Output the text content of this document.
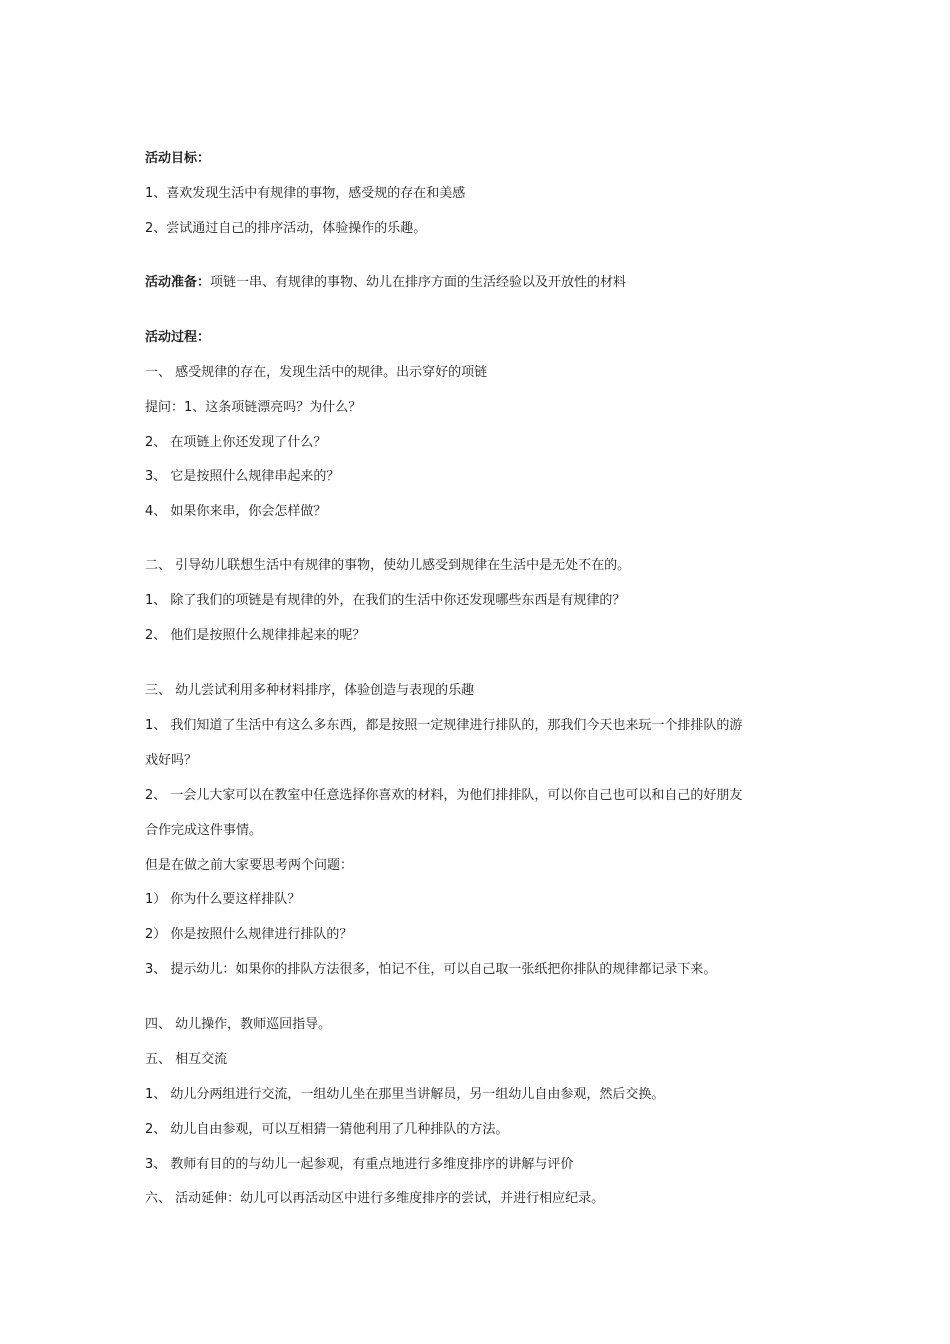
活动目标：
1、喜欢发现生活中有规律的事物，感受规的存在和美感
2、尝试通过自己的排序活动，体验操作的乐趣。
活动准备：项链一串、有规律的事物、幼儿在排序方面的生活经验以及开放性的材料
活动过程：
一、 感受规律的存在，发现生活中的规律。出示穿好的项链
提问：1、这条项链漂亮吗？为什么？
2、 在项链上你还发现了什么？
3、 它是按照什么规律串起来的？
4、 如果你来串，你会怎样做？
二、 引导幼儿联想生活中有规律的事物，使幼儿感受到规律在生活中是无处不在的。
1、 除了我们的项链是有规律的外，在我们的生活中你还发现哪些东西是有规律的？
2、 他们是按照什么规律排起来的呢？
三、 幼儿尝试利用多种材料排序，体验创造与表现的乐趣
1、 我们知道了生活中有这么多东西，都是按照一定规律进行排队的，那我们今天也来玩一个排排队的游
戏好吗？
2、 一会儿大家可以在教室中任意选择你喜欢的材料，为他们排排队，可以你自己也可以和自己的好朋友
合作完成这件事情。
但是在做之前大家要思考两个问题：
1） 你为什么要这样排队？
2） 你是按照什么规律进行排队的？
3、 提示幼儿：如果你的排队方法很多，怕记不住，可以自己取一张纸把你排队的规律都记录下来。
四、 幼儿操作，教师巡回指导。
五、 相互交流
1、 幼儿分两组进行交流，一组幼儿坐在那里当讲解员，另一组幼儿自由参观，然后交换。
2、 幼儿自由参观，可以互相猜一猜他利用了几种排队的方法。
3、 教师有目的的与幼儿一起参观，有重点地进行多维度排序的讲解与评价
六、 活动延伸：幼儿可以再活动区中进行多维度排序的尝试，并进行相应纪录。
